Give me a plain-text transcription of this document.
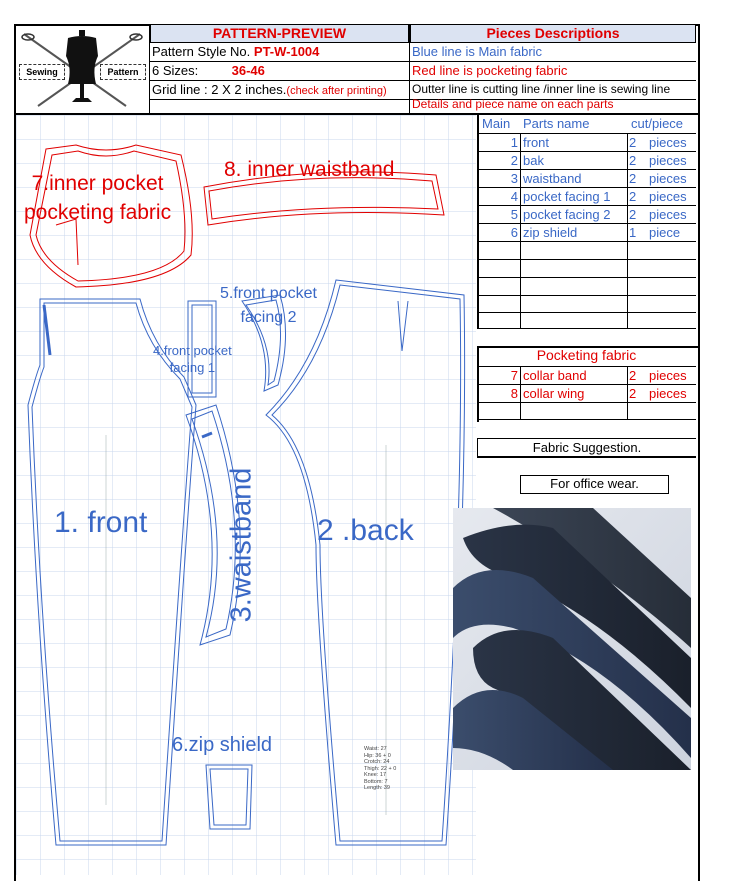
Sewing	Pattern
PATTERN-PREVIEW
Pattern Style No. PT-W-1004
6 Sizes:	36-46
Grid line : 2 X 2 inches.(check after printing)
Pieces Descriptions
Blue line is Main fabric
Red line is pocketing fabric
Outter line is cutting line /inner line is sewing line
Details and piece name on each parts
7.inner pocket
pocketing fabric
8. inner waistband
5.front pocket
facing 2
4.front pocket
facing 1
1. front	2 .back
3.waistband
6.zip shield	Waist: 27
Hip: 36 + 0
Crotch: 24
Thigh: 22 + 0
Knee: 17
Bottom: 7
Length: 39
Main Parts name	cut/piece
1 front	2 pieces
2 bak	2 pieces
3 waistband	2 pieces
4 pocket facing 1	2 pieces
5 pocket facing 2	2 pieces
6 zip shield	1 piece
Pocketing fabric
7 collar band	2 pieces
8 collar wing	2 pieces
Fabric Suggestion.
For office wear.
